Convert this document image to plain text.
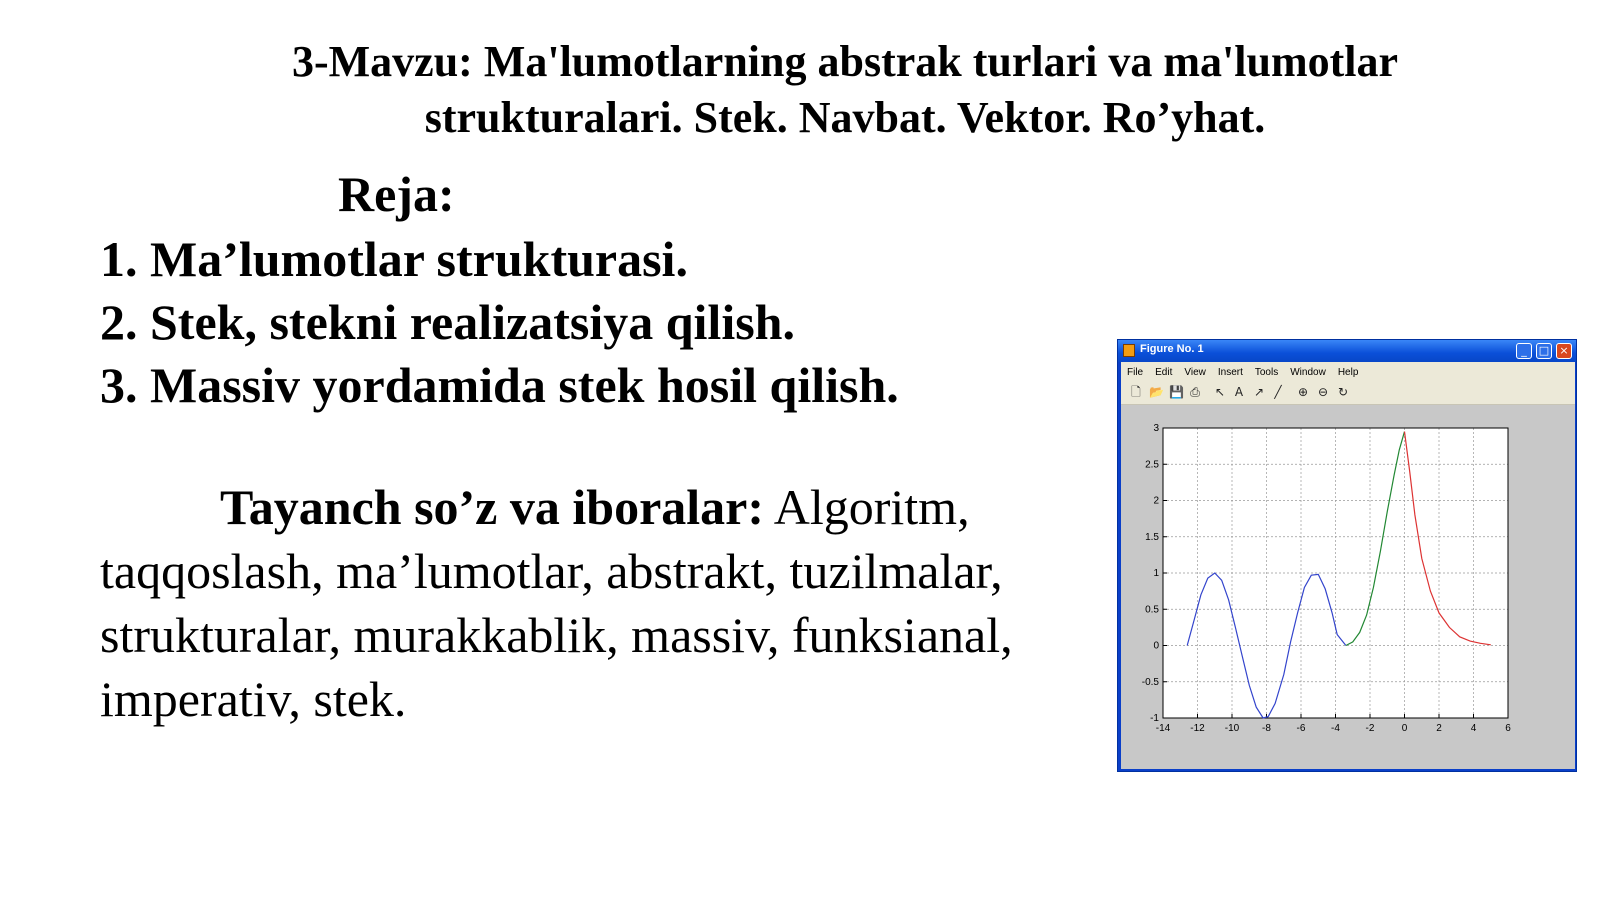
3-Mavzu: Ma'lumotlarning abstrak turlari va ma'lumotlar
strukturalari. Stek. Navbat. Vektor. Ro’yhat.
Reja:
1. Ma’lumotlar strukturasi.
2. Stek, stekni realizatsiya qilish.
3. Massiv yordamida stek hosil qilish.
Tayanch so’z va iboralar: Algoritm, taqqoslash, ma’lumotlar, abstrakt, tuzilmalar, strukturalar, murakkablik, massiv, funksianal, imperativ, stek.
Figure No. 1	_	□ ×
File Edit View Insert Tools Window Help
🗋 📂 💾 ⎙ ↖ A ↗ ╱ ⊕ ⊖ ↻
-14 -12 -10 -8	-6	-4	-2	0	2	4	6
3
2.5
2
1.5
1
0.5
0
-0.5
-1
